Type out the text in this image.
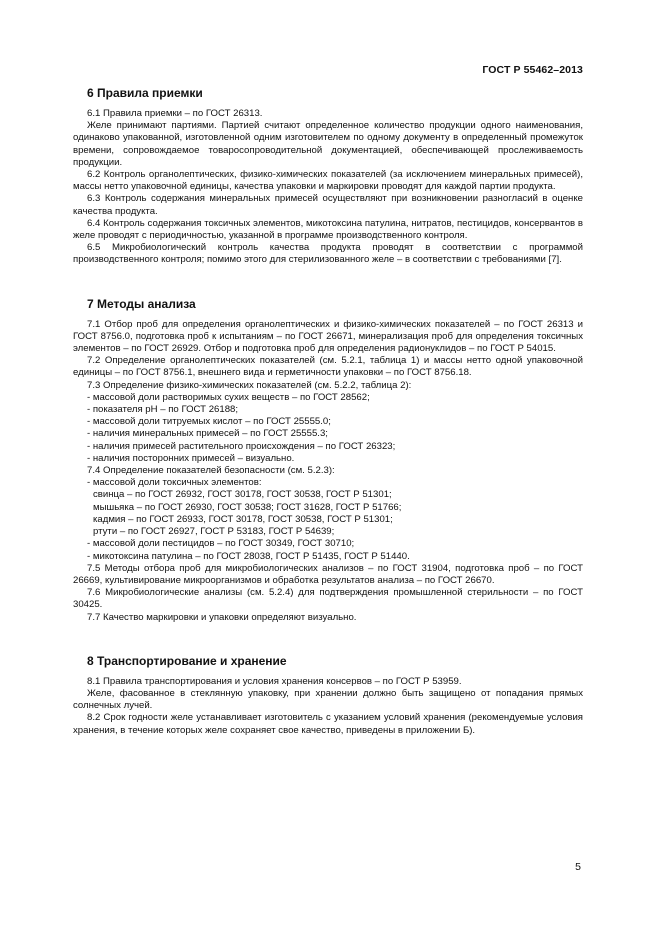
ГОСТ Р 55462–2013
6 Правила приемки

6.1 Правила приемки – по ГОСТ 26313.

Желе принимают партиями. Партией считают определенное количество продукции одного наименования, одинаково упакованной, изготовленной одним изготовителем по одному документу в определенный промежуток времени, сопровождаемое товаросопроводительной документацией, обеспечивающей прослеживаемость продукции.

6.2 Контроль органолептических, физико-химических показателей (за исключением минеральных примесей), массы нетто упаковочной единицы, качества упаковки и маркировки проводят для каждой партии продукта.

6.3 Контроль содержания минеральных примесей осуществляют при возникновении разногласий в оценке качества продукта.

6.4 Контроль содержания токсичных элементов, микотоксина патулина, нитратов, пестицидов, консервантов в желе проводят с периодичностью, указанной в программе производственного контроля.

6.5 Микробиологический контроль качества продукта проводят в соответствии с программой производственного контроля; помимо этого для стерилизованного желе – в соответствии с требованиями [7].

7 Методы анализа

7.1 Отбор проб для определения органолептических и физико-химических показателей – по ГОСТ 26313 и ГОСТ 8756.0, подготовка проб к испытаниям – по ГОСТ 26671, минерализация проб для определения токсичных элементов – по ГОСТ 26929. Отбор и подготовка проб для определения радионуклидов – по ГОСТ Р 54015.

7.2 Определение органолептических показателей (см. 5.2.1, таблица 1) и массы нетто одной упаковочной единицы – по ГОСТ 8756.1, внешнего вида и герметичности упаковки – по ГОСТ 8756.18.

7.3 Определение физико-химических показателей (см. 5.2.2, таблица 2):

- массовой доли растворимых сухих веществ – по ГОСТ 28562;

- показателя pH – по ГОСТ 26188;

- массовой доли титруемых кислот – по ГОСТ 25555.0;

- наличия минеральных примесей – по ГОСТ 25555.3;

- наличия примесей растительного происхождения – по ГОСТ 26323;

- наличия посторонних примесей – визуально.

7.4 Определение показателей безопасности (см. 5.2.3):

- массовой доли токсичных элементов:

свинца – по ГОСТ 26932, ГОСТ 30178, ГОСТ 30538, ГОСТ Р 51301;

мышьяка – по ГОСТ 26930, ГОСТ 30538; ГОСТ 31628, ГОСТ Р 51766;

кадмия – по ГОСТ 26933, ГОСТ 30178, ГОСТ 30538, ГОСТ Р 51301;

ртути – по ГОСТ 26927, ГОСТ Р 53183, ГОСТ Р 54639;

- массовой доли пестицидов – по ГОСТ 30349, ГОСТ 30710;

- микотоксина патулина – по ГОСТ 28038, ГОСТ Р 51435, ГОСТ Р 51440.

7.5 Методы отбора проб для микробиологических анализов – по ГОСТ 31904, подготовка проб – по ГОСТ 26669, культивирование микроорганизмов и обработка результатов анализа – по ГОСТ 26670.

7.6 Микробиологические анализы (см. 5.2.4) для подтверждения промышленной стерильности – по ГОСТ 30425.

7.7 Качество маркировки и упаковки определяют визуально.

8 Транспортирование и хранение

8.1 Правила транспортирования и условия хранения консервов – по ГОСТ Р 53959.

Желе, фасованное в стеклянную упаковку, при хранении должно быть защищено от попадания прямых солнечных лучей.

8.2 Срок годности желе устанавливает изготовитель с указанием условий хранения (рекомендуемые условия хранения, в течение которых желе сохраняет свое качество, приведены в приложении Б).

5
